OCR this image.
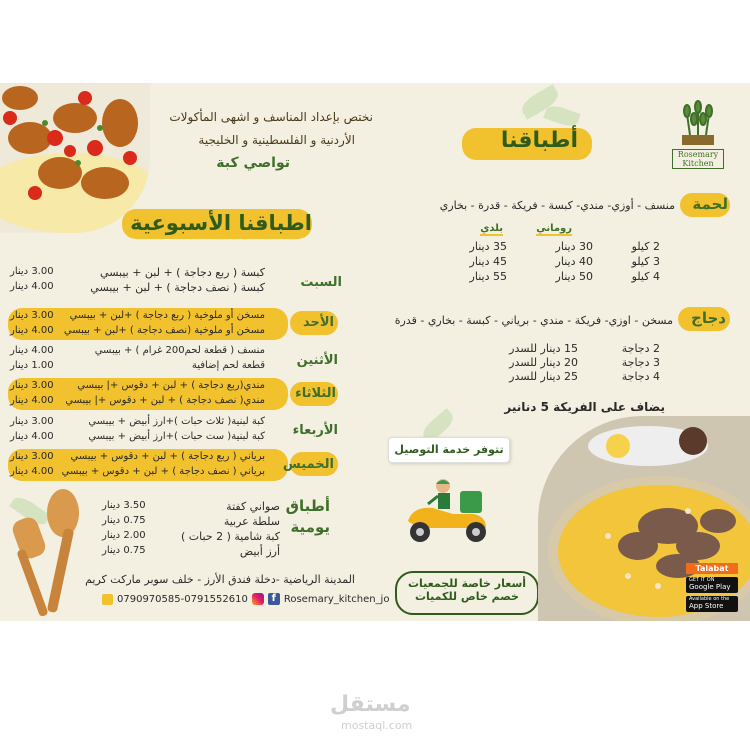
نختص بإعداد المناسف و اشهى المأكولات
الأردنية و الفلسطينية و الخليجية
تواصي كبة
اطباقنا الأسبوعية
السبت
كبسة ( ربع دجاجة ) + لبن + بيبسي
كبسة ( نصف دجاجة ) + لبن + بيبسي
3.00 دينار
4.00 دينار
الأحد
مسخن أو ملوخية ( ربع دجاجة ) +لبن + بيبسي
مسخن أو ملوخية (نصف دجاجة ) +لبن + بيبسي
3.00 دينار
4.00 دينار
الأثنين
منسف ( قطعة لحم200 غرام ) + بيبسي
قطعة لحم إضافية
4.00 دينار
1.00 دينار
الثلاثاء
مندي(ربع دجاجة ) + لبن + دقوس +| بيبسي
مندي( نصف دجاجة ) + لبن + دقوس +| بيبسي
3.00 دينار
4.00 دينار
الأربعاء
كبة لبنية( ثلاث حبات )+ارز أبيض + بيبسي
كبة لبنية( ست حبات )+ارز أبيض + بيبسي
3.00 دينار
4.00 دينار
الخميس
برياني ( ربع دجاجة ) + لبن + دقوس + بيبسي
برياني ( نصف دجاجة ) + لبن + دقوس + بيبسي
3.00 دينار
4.00 دينار
أطباق
يومية
صواني كفتة
سلطة عربية
كبة شامية ( 2 حبات )
أرز أبيض
3.50 دينار
0.75 دينار
2.00 دينار
0.75 دينار
المدينة الرياضية -دخلة فندق الأرز - خلف سوبر ماركت كريم
0790970585-0791552610	f Rosemary_kitchen_jo
Rosemary
Kitchen
أطباقنا
لحمة
منسف - أوزي- مندي- كبسة - فريكة - قدرة - بخاري
روماني
بلدي
2 كيلو
3 كيلو
4 كيلو
30 دينار
40 دينار
50 دينار
35 دينار
45 دينار
55 دينار
دجاج
مسخن - اوزي- فريكة - مندي - برياني - كبسة - بخاري - قدرة
2 دجاجة
3 دجاجة
4 دجاجة
15 دينار للسدر
20 دينار للسدر
25 دينار للسدر
يضاف على الفريكة 5 دنانير
تتوفر خدمة التوصيل
أسعار خاصة للجمعيات
خصم خاص للكميات
Talabat
GET IT ON
Google Play
Available on the
App Store
مستقل
mostaql.com
